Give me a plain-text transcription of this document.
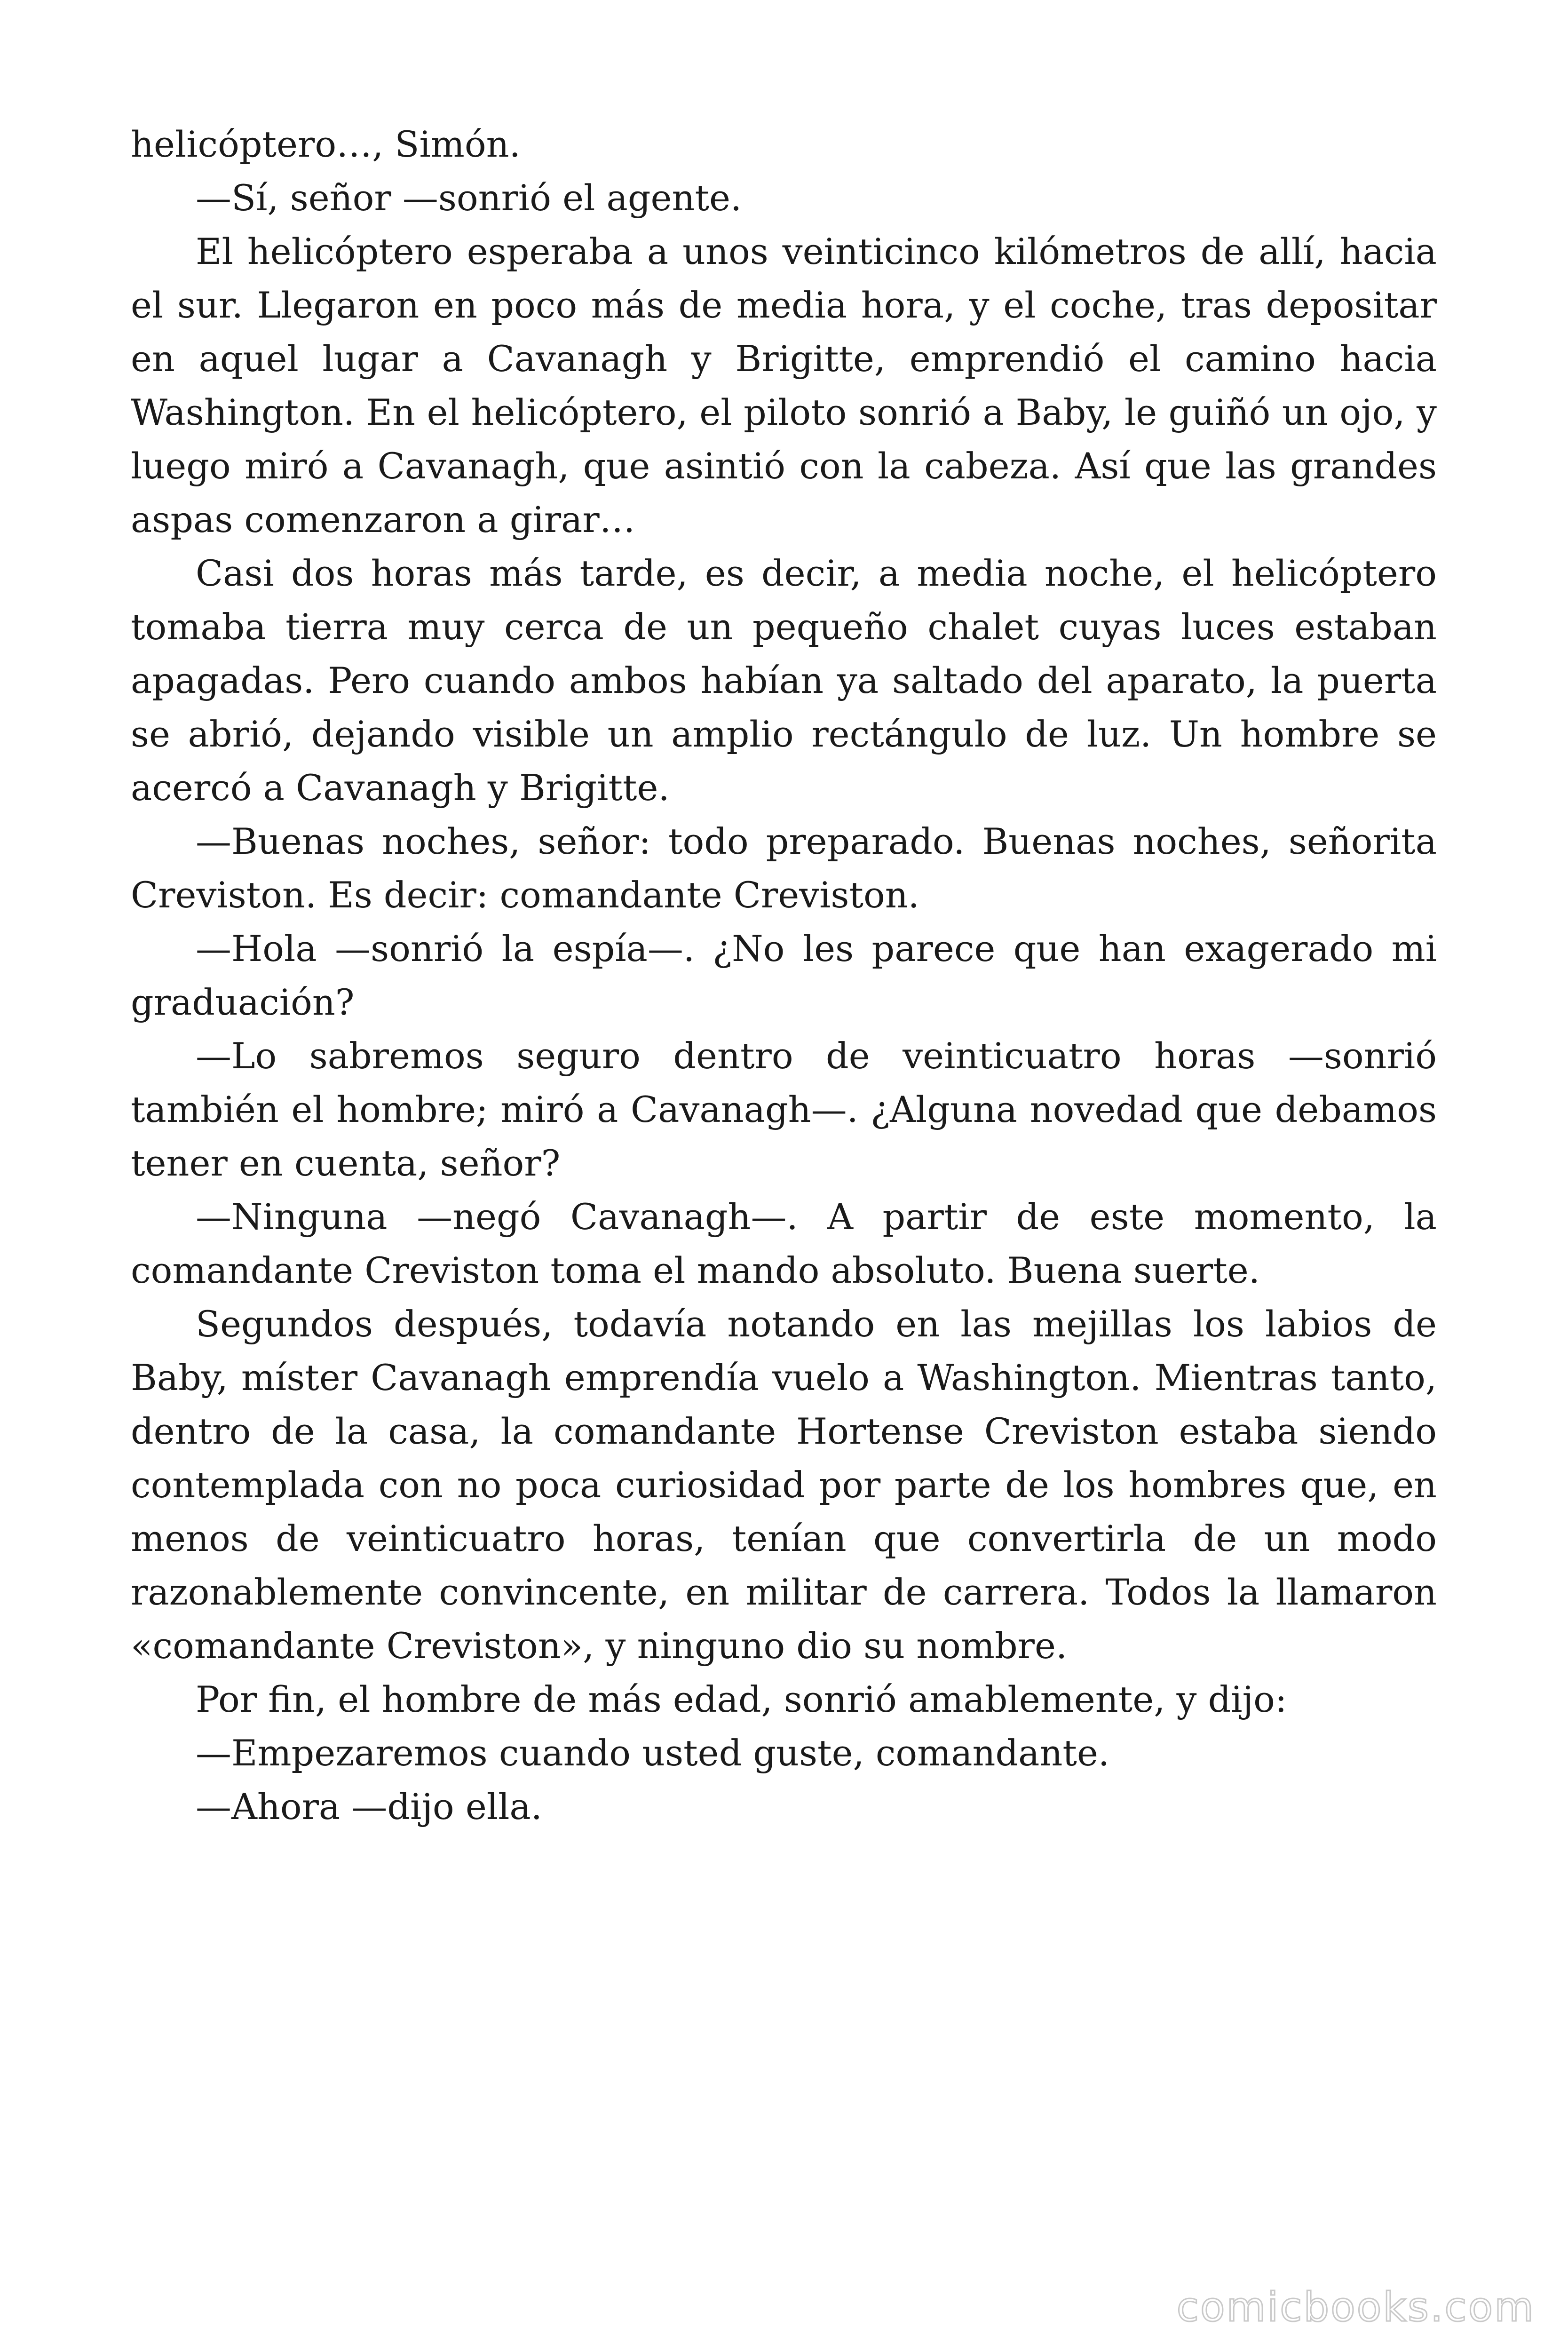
helicóptero…, Simón.

—Sí, señor —sonrió el agente.

El helicóptero esperaba a unos veinticinco kilómetros de allí, hacia el sur. Llegaron en poco más de media hora, y el coche, tras depositar en aquel lugar a Cavanagh y Brigitte, emprendió el camino hacia Washington. En el helicóptero, el piloto sonrió a Baby, le guiñó un ojo, y luego miró a Cavanagh, que asintió con la cabeza. Así que las grandes aspas comenzaron a girar…

Casi dos horas más tarde, es decir, a media noche, el helicóptero tomaba tierra muy cerca de un pequeño chalet cuyas luces estaban apagadas. Pero cuando ambos habían ya saltado del aparato, la puerta se abrió, dejando visible un amplio rectángulo de luz. Un hombre se acercó a Cavanagh y Brigitte.

—Buenas noches, señor: todo preparado. Buenas noches, señorita Creviston. Es decir: comandante Creviston.

—Hola —sonrió la espía—. ¿No les parece que han exagerado mi graduación?

—Lo sabremos seguro dentro de veinticuatro horas —sonrió también el hombre; miró a Cavanagh—. ¿Alguna novedad que debamos tener en cuenta, señor?

—Ninguna —negó Cavanagh—. A partir de este momento, la comandante Creviston toma el mando absoluto. Buena suerte.

Segundos después, todavía notando en las mejillas los labios de Baby, míster Cavanagh emprendía vuelo a Washington. Mientras tanto, dentro de la casa, la comandante Hortense Creviston estaba siendo contemplada con no poca curiosidad por parte de los hombres que, en menos de veinticuatro horas, tenían que convertirla de un modo razonablemente convincente, en militar de carrera. Todos la llamaron «comandante Creviston», y ninguno dio su nombre.

Por fin, el hombre de más edad, sonrió amablemente, y dijo:

—Empezaremos cuando usted guste, comandante.

—Ahora —dijo ella.

comicbooks.com
